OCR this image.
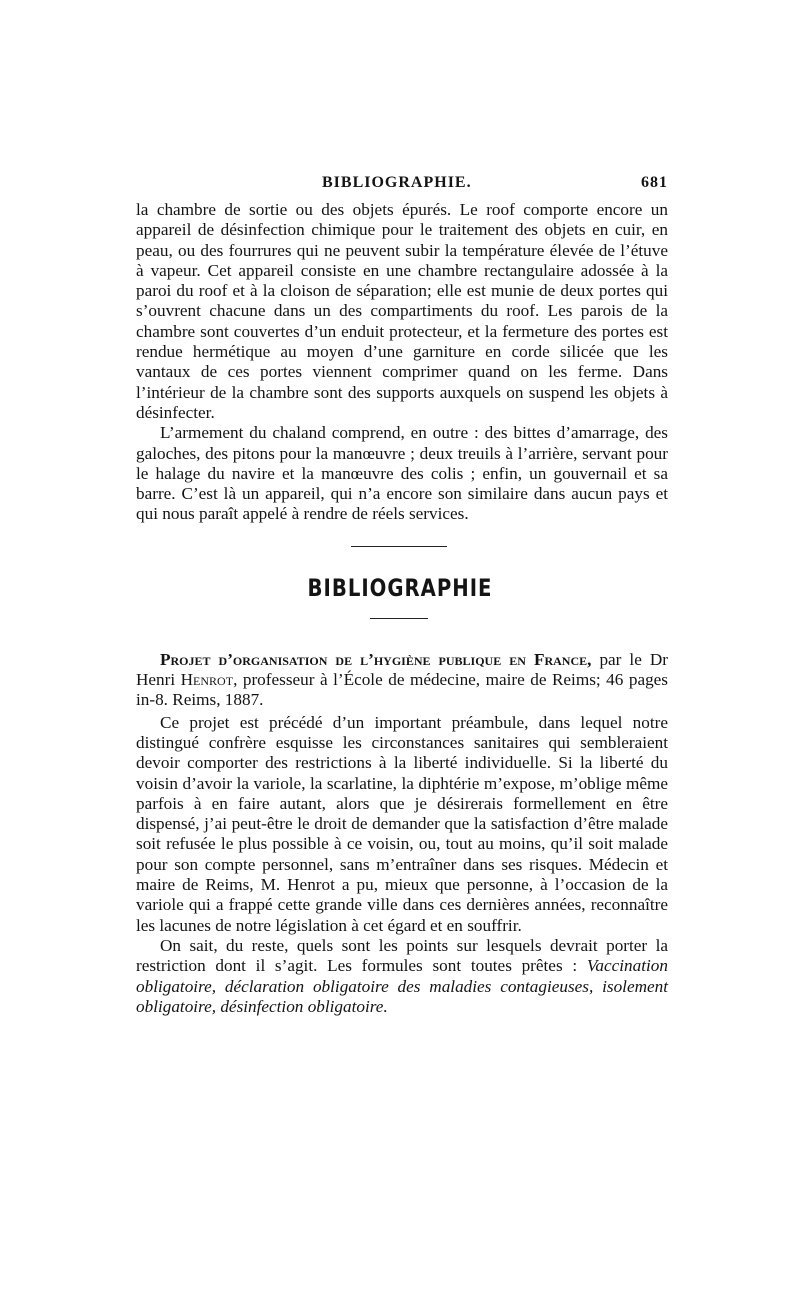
BIBLIOGRAPHIE.	681

la chambre de sortie ou des objets épurés. Le roof comporte encore un appareil de désinfection chimique pour le traitement des objets en cuir, en peau, ou des fourrures qui ne peuvent subir la température élevée de l’étuve à vapeur. Cet appareil consiste en une chambre rectangulaire adossée à la paroi du roof et à la cloison de séparation; elle est munie de deux portes qui s’ouvrent chacune dans un des compartiments du roof. Les parois de la chambre sont couvertes d’un enduit protecteur, et la fermeture des portes est rendue hermétique au moyen d’une garniture en corde silicée que les vantaux de ces portes viennent comprimer quand on les ferme. Dans l’intérieur de la chambre sont des supports auxquels on suspend les objets à désinfecter.

L’armement du chaland comprend, en outre : des bittes d’amarrage, des galoches, des pitons pour la manœuvre ; deux treuils à l’arrière, servant pour le halage du navire et la manœuvre des colis ; enfin, un gouvernail et sa barre. C’est là un appareil, qui n’a encore son similaire dans aucun pays et qui nous paraît appelé à rendre de réels services.

BIBLIOGRAPHIE

Projet d’organisation de l’hygiène publique en France, par le Dr Henri Henrot, professeur à l’École de médecine, maire de Reims; 46 pages in-8. Reims, 1887.

Ce projet est précédé d’un important préambule, dans lequel notre distingué confrère esquisse les circonstances sanitaires qui sembleraient devoir comporter des restrictions à la liberté individuelle. Si la liberté du voisin d’avoir la variole, la scarlatine, la diphtérie m’expose, m’oblige même parfois à en faire autant, alors que je désirerais formellement en être dispensé, j’ai peut-être le droit de demander que la satisfaction d’être malade soit refusée le plus possible à ce voisin, ou, tout au moins, qu’il soit malade pour son compte personnel, sans m’entraîner dans ses risques. Médecin et maire de Reims, M. Henrot a pu, mieux que personne, à l’occasion de la variole qui a frappé cette grande ville dans ces dernières années, reconnaître les lacunes de notre législation à cet égard et en souffrir.

On sait, du reste, quels sont les points sur lesquels devrait porter la restriction dont il s’agit. Les formules sont toutes prêtes : Vaccination obligatoire, déclaration obligatoire des maladies contagieuses, isolement obligatoire, désinfection obligatoire.
